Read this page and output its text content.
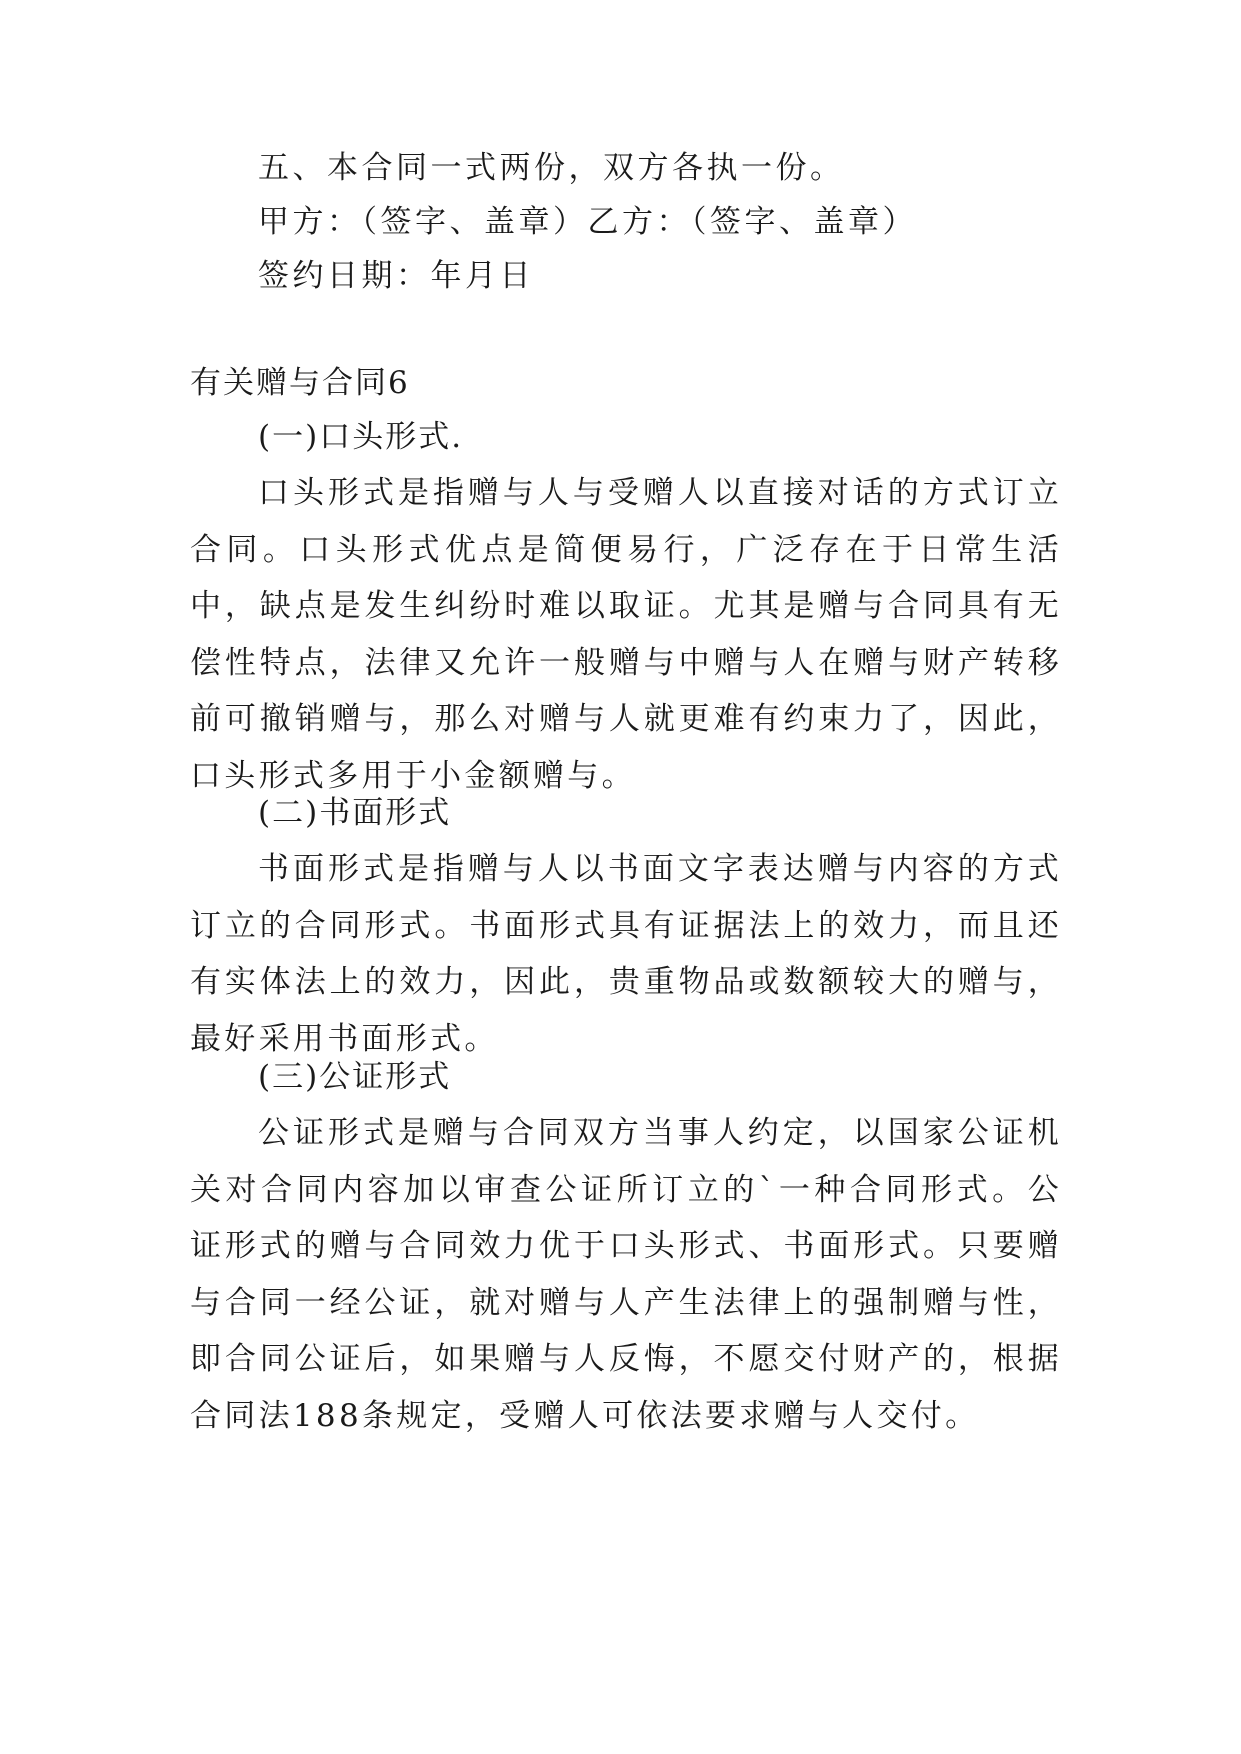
五、本合同一式两份，双方各执一份。
甲方：（签字、盖章）乙方：（签字、盖章）
签约日期：年月日
有关赠与合同6
(一)口头形式.
口头形式是指赠与人与受赠人以直接对话的方式订立合同。口头形式优点是简便易行，广泛存在于日常生活中，缺点是发生纠纷时难以取证。尤其是赠与合同具有无偿性特点，法律又允许一般赠与中赠与人在赠与财产转移前可撤销赠与，那么对赠与人就更难有约束力了，因此，口头形式多用于小金额赠与。
(二)书面形式
书面形式是指赠与人以书面文字表达赠与内容的方式订立的合同形式。书面形式具有证据法上的效力，而且还有实体法上的效力，因此，贵重物品或数额较大的赠与，最好采用书面形式。
(三)公证形式
公证形式是赠与合同双方当事人约定，以国家公证机关对合同内容加以审查公证所订立的`一种合同形式。公证形式的赠与合同效力优于口头形式、书面形式。只要赠与合同一经公证，就对赠与人产生法律上的强制赠与性，即合同公证后，如果赠与人反悔，不愿交付财产的，根据合同法188条规定，受赠人可依法要求赠与人交付。
